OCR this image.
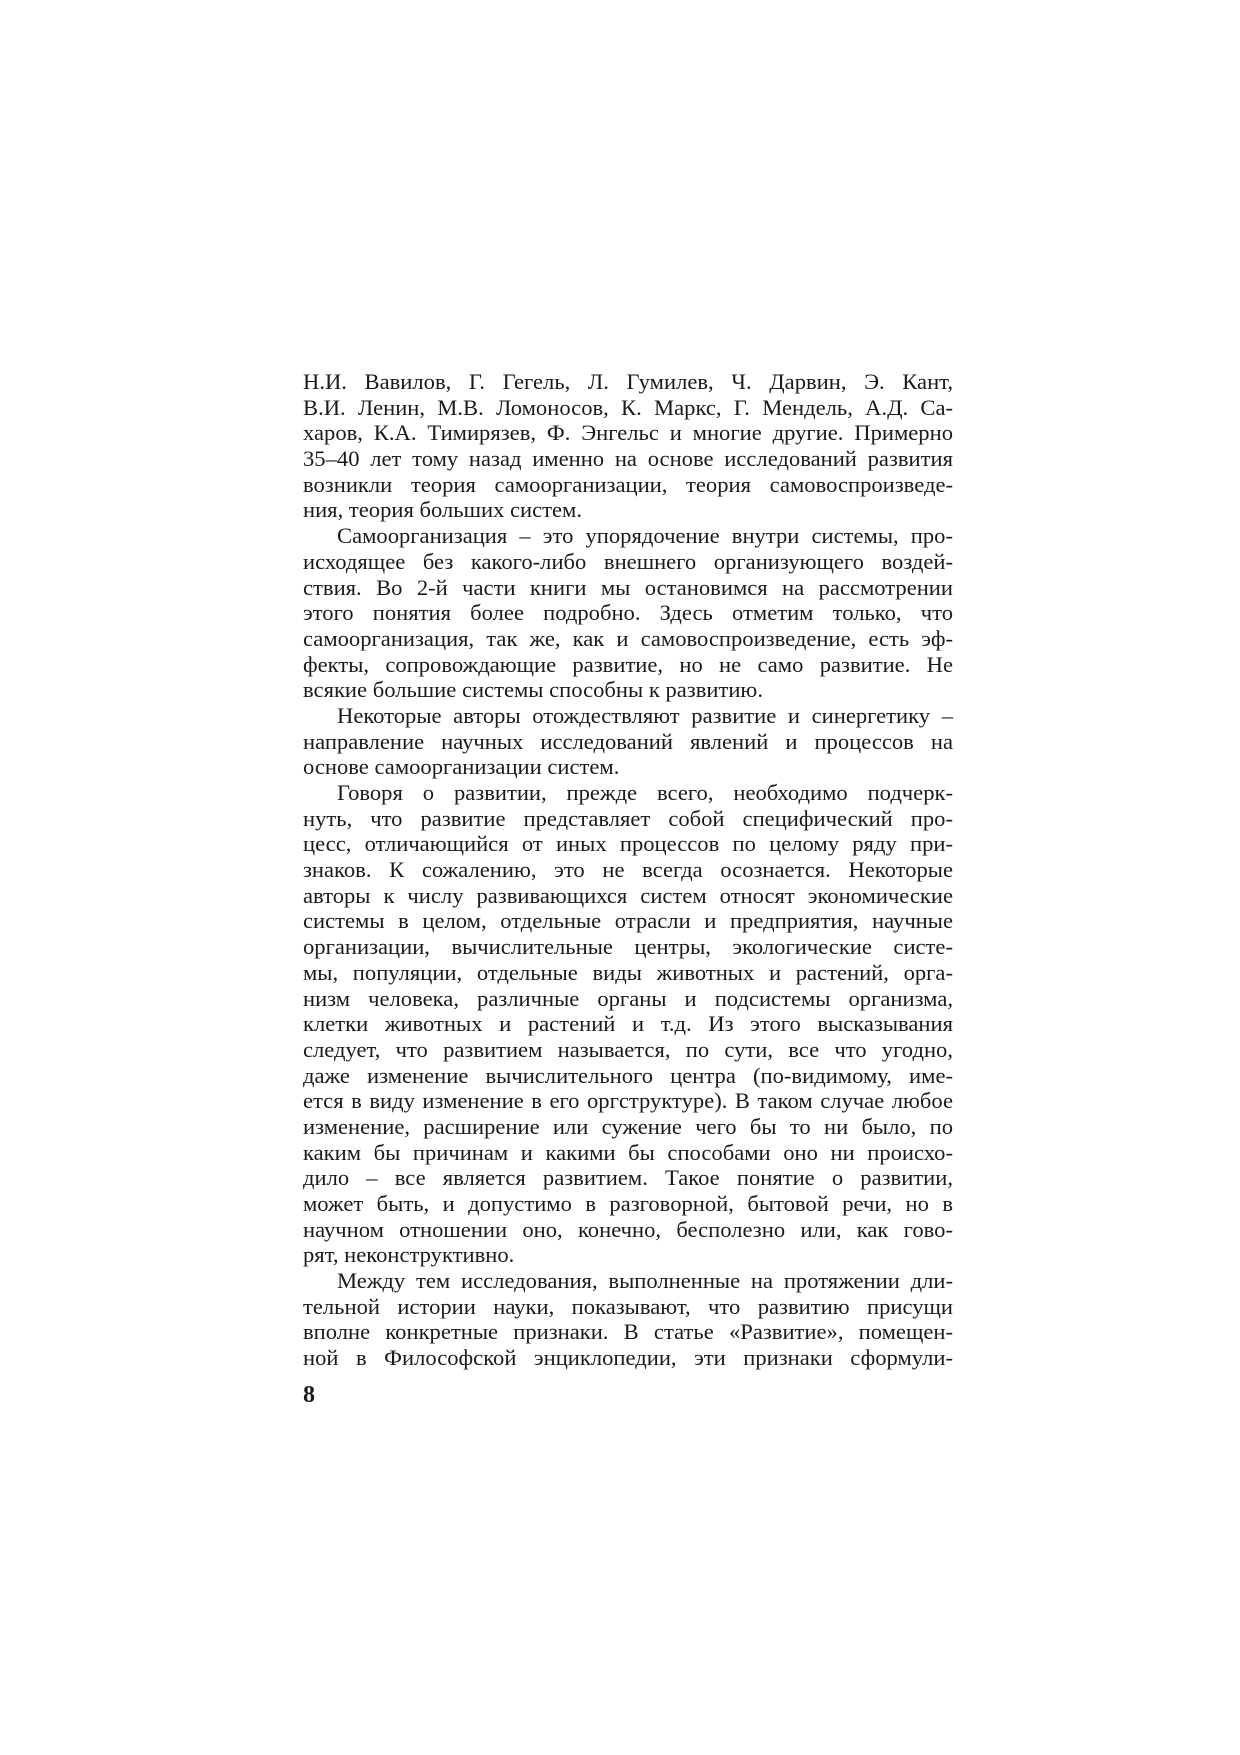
Н.И. Вавилов, Г. Гегель, Л. Гумилев, Ч. Дарвин, Э. Кант,
В.И. Ленин, М.В. Ломоносов, К. Маркс, Г. Мендель, А.Д. Са-
харов, К.А. Тимирязев, Ф. Энгельс и многие другие. Примерно
35–40 лет тому назад именно на основе исследований развития
возникли теория самоорганизации, теория самовоспроизведе-
ния, теория больших систем.
Самоорганизация – это упорядочение внутри системы, про-
исходящее без какого-либо внешнего организующего воздей-
ствия. Во 2-й части книги мы остановимся на рассмотрении
этого понятия более подробно. Здесь отметим только, что
самоорганизация, так же, как и самовоспроизведение, есть эф-
фекты, сопровождающие развитие, но не само развитие. Не
всякие большие системы способны к развитию.
Некоторые авторы отождествляют развитие и синергетику –
направление научных исследований явлений и процессов на
основе самоорганизации систем.
Говоря о развитии, прежде всего, необходимо подчерк-
нуть, что развитие представляет собой специфический про-
цесс, отличающийся от иных процессов по целому ряду при-
знаков. К сожалению, это не всегда осознается. Некоторые
авторы к числу развивающихся систем относят экономические
системы в целом, отдельные отрасли и предприятия, научные
организации, вычислительные центры, экологические систе-
мы, популяции, отдельные виды животных и растений, орга-
низм человека, различные органы и подсистемы организма,
клетки животных и растений и т.д. Из этого высказывания
следует, что развитием называется, по сути, все что угодно,
даже изменение вычислительного центра (по-видимому, име-
ется в виду изменение в его оргструктуре). В таком случае любое
изменение, расширение или сужение чего бы то ни было, по
каким бы причинам и какими бы способами оно ни происхо-
дило – все является развитием. Такое понятие о развитии,
может быть, и допустимо в разговорной, бытовой речи, но в
научном отношении оно, конечно, бесполезно или, как гово-
рят, неконструктивно.
Между тем исследования, выполненные на протяжении дли-
тельной истории науки, показывают, что развитию присущи
вполне конкретные признаки. В статье «Развитие», помещен-
ной в Философской энциклопедии, эти признаки сформули-
8
